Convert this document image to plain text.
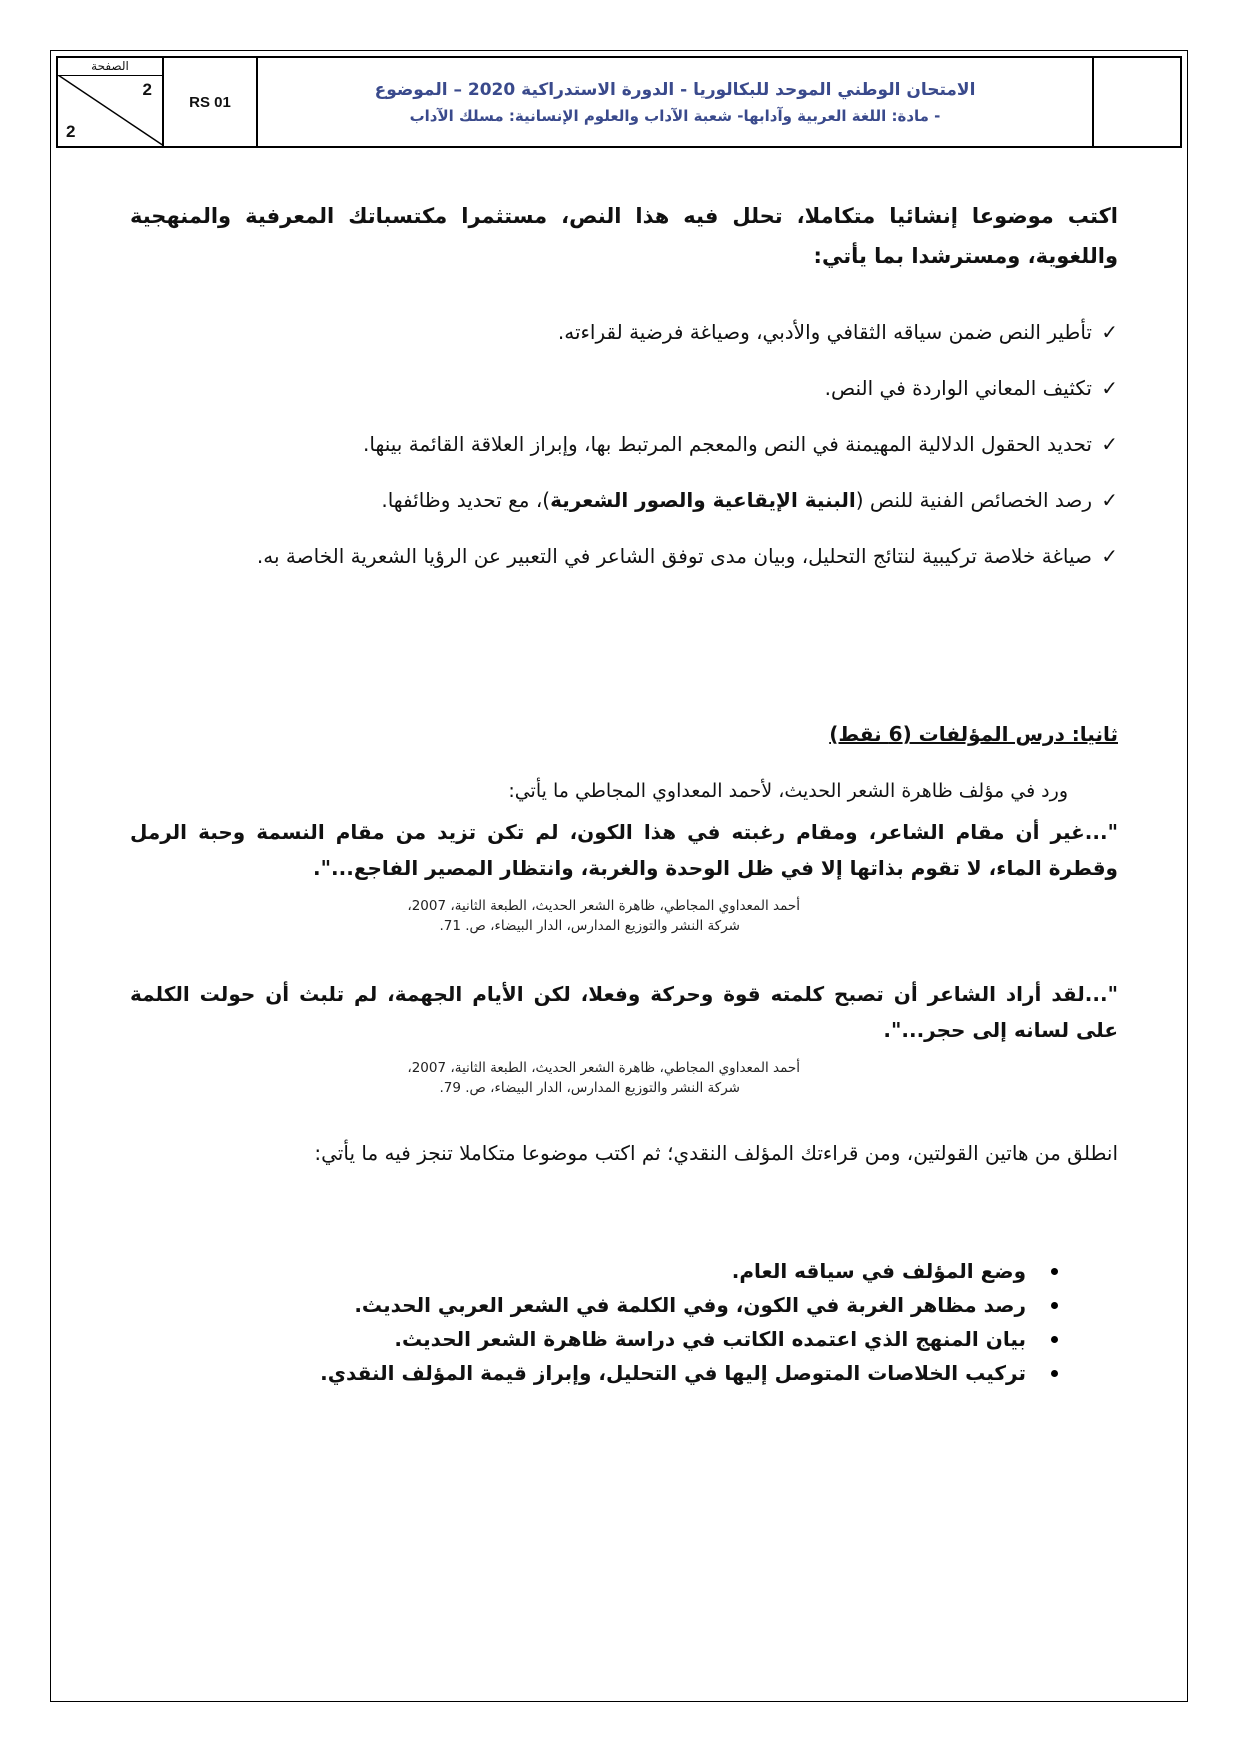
الصفحة
2
2
RS 01
الامتحان الوطني الموحد للبكالوريا - الدورة الاستدراكية 2020 – الموضوع
- مادة: اللغة العربية وآدابها- شعبة الآداب والعلوم الإنسانية: مسلك الآداب
اكتب موضوعا إنشائيا متكاملا، تحلل فيه هذا النص، مستثمرا مكتسباتك المعرفية والمنهجية واللغوية، ومسترشدا بما يأتي:
✓
تأطير النص ضمن سياقه الثقافي والأدبي، وصياغة فرضية لقراءته.
✓
تكثيف المعاني الواردة في النص.
✓
تحديد الحقول الدلالية المهيمنة في النص والمعجم المرتبط بها، وإبراز العلاقة القائمة بينها.
✓
رصد الخصائص الفنية للنص (البنية الإيقاعية والصور الشعرية)، مع تحديد وظائفها.
✓
صياغة خلاصة تركيبية لنتائج التحليل، وبيان مدى توفق الشاعر في التعبير عن الرؤيا الشعرية الخاصة به.
ثانيا: درس المؤلفات (6 نقط)
ورد في مؤلف ظاهرة الشعر الحديث، لأحمد المعداوي المجاطي ما يأتي:
"...غير أن مقام الشاعر، ومقام رغبته في هذا الكون، لم تكن تزيد من مقام النسمة وحبة الرمل وقطرة الماء، لا تقوم بذاتها إلا في ظل الوحدة والغربة، وانتظار المصير الفاجع...".
أحمد المعداوي المجاطي، ظاهرة الشعر الحديث، الطبعة الثانية، 2007،
شركة النشر والتوزيع المدارس، الدار البيضاء، ص. 71.
"...لقد أراد الشاعر أن تصبح كلمته قوة وحركة وفعلا، لكن الأيام الجهمة، لم تلبث أن حولت الكلمة على لسانه إلى حجر...".
أحمد المعداوي المجاطي، ظاهرة الشعر الحديث، الطبعة الثانية، 2007،
شركة النشر والتوزيع المدارس، الدار البيضاء، ص. 79.
انطلق من هاتين القولتين، ومن قراءتك المؤلف النقدي؛ ثم اكتب موضوعا متكاملا تنجز فيه ما يأتي:
وضع المؤلف في سياقه العام.
رصد مظاهر الغربة في الكون، وفي الكلمة في الشعر العربي الحديث.
بيان المنهج الذي اعتمده الكاتب في دراسة ظاهرة الشعر الحديث.
تركيب الخلاصات المتوصل إليها في التحليل، وإبراز قيمة المؤلف النقدي.
